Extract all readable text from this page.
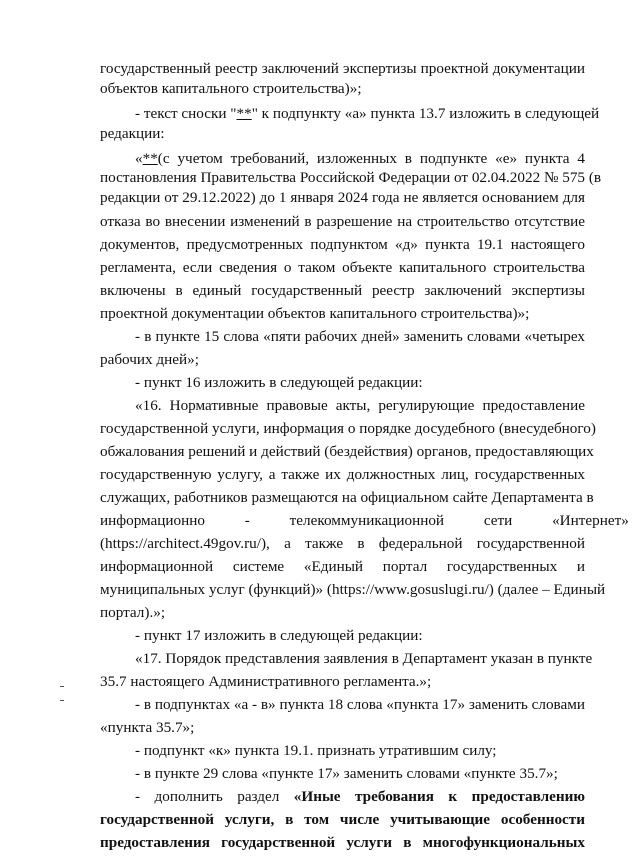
государственный реестр заключений экспертизы проектной документации
объектов капитального строительства)»;
- текст сноски "**" к подпункту «а» пункта 13.7 изложить в следующей
редакции:
«**(с учетом требований, изложенных в подпункте «е» пункта 4
постановления Правительства Российской Федерации от 02.04.2022 № 575 (в
редакции от 29.12.2022) до 1 января 2024 года не является основанием для
отказа во внесении изменений в разрешение на строительство отсутствие
документов, предусмотренных подпунктом «д» пункта 19.1 настоящего
регламента, если сведения о таком объекте капитального строительства
включены в единый государственный реестр заключений экспертизы
проектной документации объектов капитального строительства)»;
- в пункте 15 слова «пяти рабочих дней» заменить словами «четырех
рабочих дней»;
- пункт 16 изложить в следующей редакции:
«16. Нормативные правовые акты, регулирующие предоставление
государственной услуги, информация о порядке досудебного (внесудебного)
обжалования решений и действий (бездействия) органов, предоставляющих
государственную услугу, а также их должностных лиц, государственных
служащих, работников размещаются на официальном сайте Департамента в
информационно - телекоммуникационной сети «Интернет»
(https://architect.49gov.ru/), а также в федеральной государственной
информационной системе «Единый портал государственных и
муниципальных услуг (функций)» (https://www.gosuslugi.ru/) (далее – Единый
портал).»;
- пункт 17 изложить в следующей редакции:
«17. Порядок представления заявления в Департамент указан в пункте
35.7 настоящего Административного регламента.»;
- в подпунктах «а - в» пункта 18 слова «пункта 17» заменить словами
«пункта 35.7»;
- подпункт «к» пункта 19.1. признать утратившим силу;
- в пункте 29 слова «пункте 17» заменить словами «пункте 35.7»;
- дополнить раздел «Иные требования к предоставлению
государственной услуги, в том числе учитывающие особенности
предоставления государственной услуги в многофункциональных
